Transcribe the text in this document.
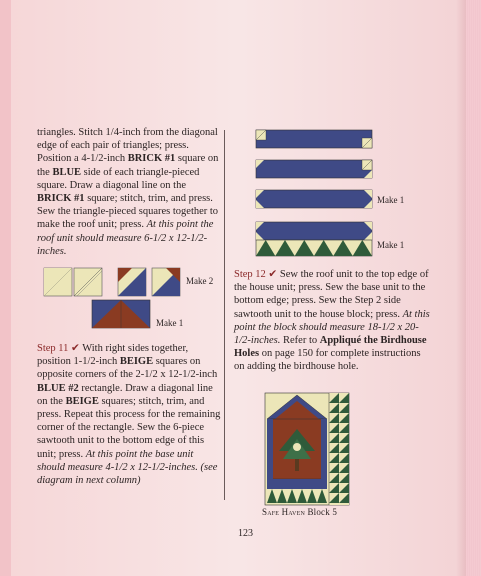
triangles. Stitch 1/4-inch from the diagonal edge of each pair of triangles; press. Position a 4-1/2-inch BRICK #1 square on the BLUE side of each triangle-pieced square. Draw a diagonal line on the BRICK #1 square; stitch, trim, and press. Sew the triangle-pieced squares together to make the roof unit; press. At this point the roof unit should measure 6-1/2 x 12-1/2-inches.

Make 2
Make 1

Step 11 ✔ With right sides together, position 1-1/2-inch BEIGE squares on opposite corners of the 2-1/2 x 12-1/2-inch BLUE #2 rectangle. Draw a diagonal line on the BEIGE squares; stitch, trim, and press. Repeat this process for the remaining corner of the rectangle. Sew the 6-piece sawtooth unit to the bottom edge of this unit; press. At this point the base unit should measure 4-1/2 x 12-1/2-inches. (see diagram in next column)

Make 1
Make 1

Step 12 ✔ Sew the roof unit to the top edge of the house unit; press. Sew the base unit to the bottom edge; press. Sew the Step 2 side sawtooth unit to the house block; press. At this point the block should measure 18-1/2 x 20-1/2-inches. Refer to Appliqué the Birdhouse Holes on page 150 for complete instructions on adding the birdhouse hole.

Safe Haven Block 5
123
